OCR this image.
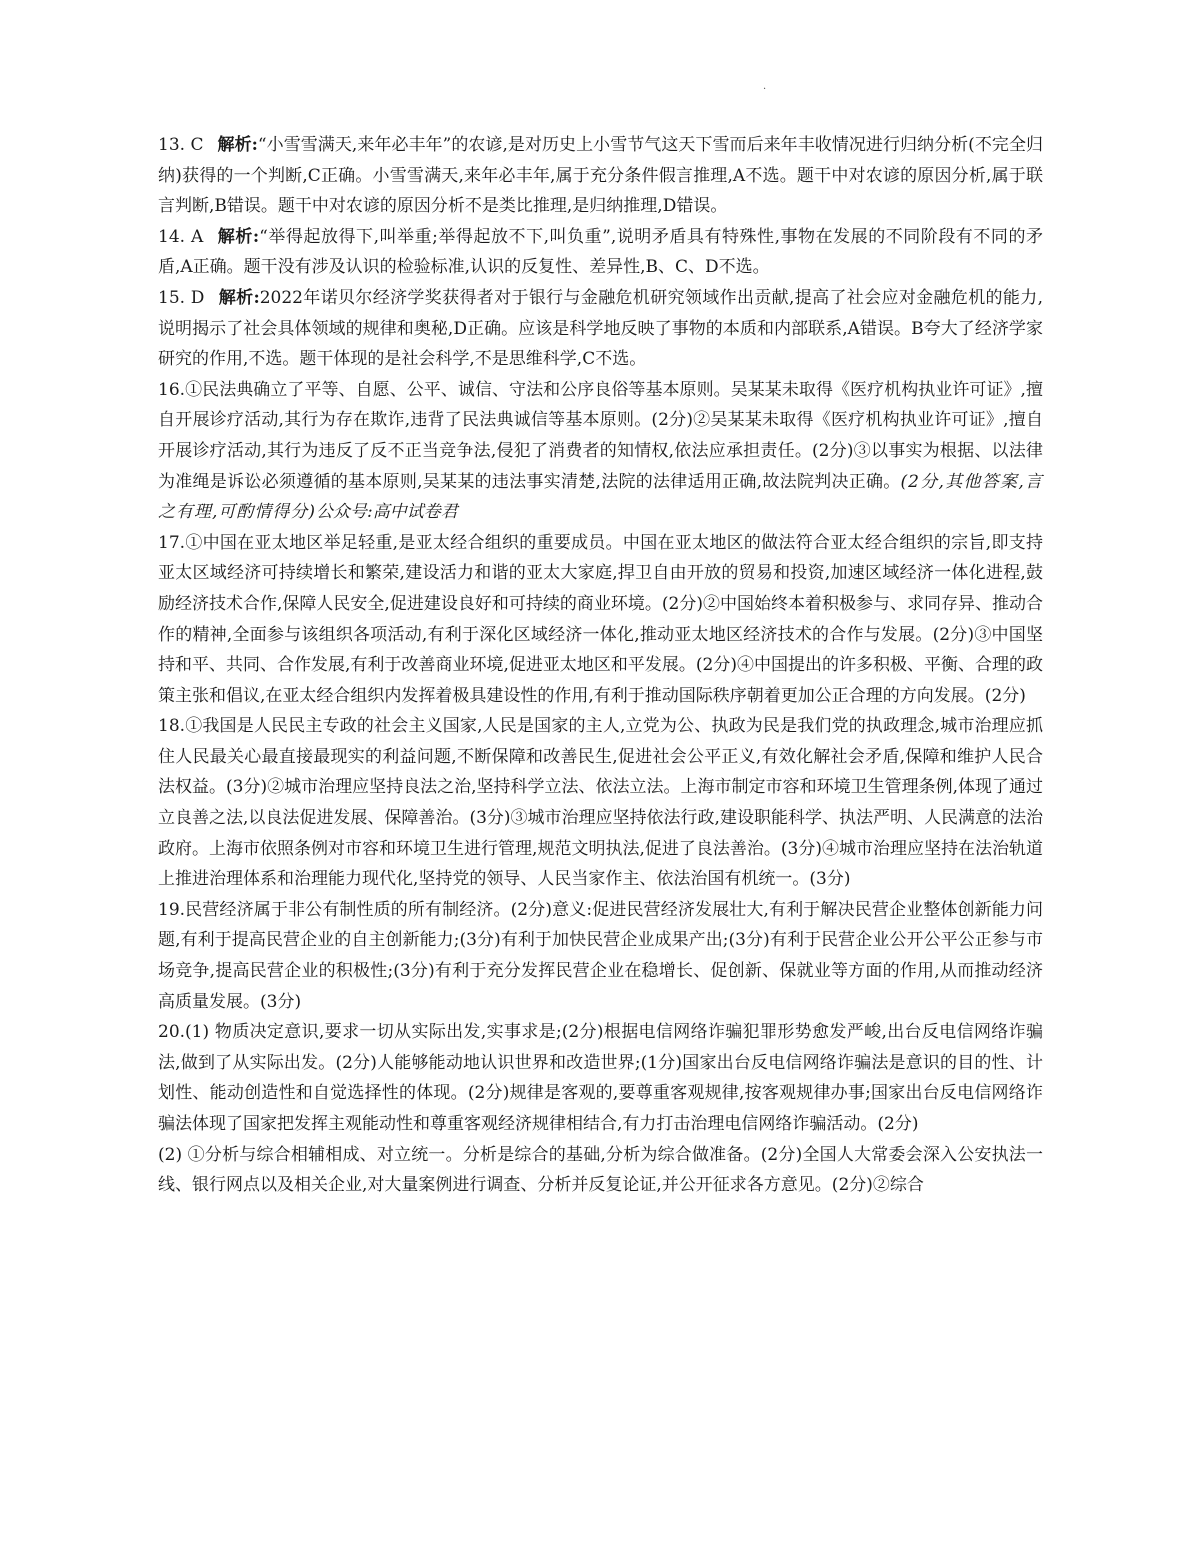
·

13. C 解析:“小雪雪满天,来年必丰年”的农谚,是对历史上小雪节气这天下雪而后来年丰收情况进行归纳分析(不完全归纳)获得的一个判断,C正确。小雪雪满天,来年必丰年,属于充分条件假言推理,A不选。题干中对农谚的原因分析,属于联言判断,B错误。题干中对农谚的原因分析不是类比推理,是归纳推理,D错误。

14. A 解析:“举得起放得下,叫举重;举得起放不下,叫负重”,说明矛盾具有特殊性,事物在发展的不同阶段有不同的矛盾,A正确。题干没有涉及认识的检验标准,认识的反复性、差异性,B、C、D不选。

15. D 解析:2022年诺贝尔经济学奖获得者对于银行与金融危机研究领域作出贡献,提高了社会应对金融危机的能力,说明揭示了社会具体领域的规律和奥秘,D正确。应该是科学地反映了事物的本质和内部联系,A错误。B夸大了经济学家研究的作用,不选。题干体现的是社会科学,不是思维科学,C不选。

16.①民法典确立了平等、自愿、公平、诚信、守法和公序良俗等基本原则。吴某某未取得《医疗机构执业许可证》,擅自开展诊疗活动,其行为存在欺诈,违背了民法典诚信等基本原则。(2分)②吴某某未取得《医疗机构执业许可证》,擅自开展诊疗活动,其行为违反了反不正当竞争法,侵犯了消费者的知情权,依法应承担责任。(2分)③以事实为根据、以法律为准绳是诉讼必须遵循的基本原则,吴某某的违法事实清楚,法院的法律适用正确,故法院判决正确。(2分,其他答案,言之有理,可酌情得分)公众号:高中试卷君

17.①中国在亚太地区举足轻重,是亚太经合组织的重要成员。中国在亚太地区的做法符合亚太经合组织的宗旨,即支持亚太区域经济可持续增长和繁荣,建设活力和谐的亚太大家庭,捍卫自由开放的贸易和投资,加速区域经济一体化进程,鼓励经济技术合作,保障人民安全,促进建设良好和可持续的商业环境。(2分)②中国始终本着积极参与、求同存异、推动合作的精神,全面参与该组织各项活动,有利于深化区域经济一体化,推动亚太地区经济技术的合作与发展。(2分)③中国坚持和平、共同、合作发展,有利于改善商业环境,促进亚太地区和平发展。(2分)④中国提出的许多积极、平衡、合理的政策主张和倡议,在亚太经合组织内发挥着极具建设性的作用,有利于推动国际秩序朝着更加公正合理的方向发展。(2分)

18.①我国是人民民主专政的社会主义国家,人民是国家的主人,立党为公、执政为民是我们党的执政理念,城市治理应抓住人民最关心最直接最现实的利益问题,不断保障和改善民生,促进社会公平正义,有效化解社会矛盾,保障和维护人民合法权益。(3分)②城市治理应坚持良法之治,坚持科学立法、依法立法。上海市制定市容和环境卫生管理条例,体现了通过立良善之法,以良法促进发展、保障善治。(3分)③城市治理应坚持依法行政,建设职能科学、执法严明、人民满意的法治政府。上海市依照条例对市容和环境卫生进行管理,规范文明执法,促进了良法善治。(3分)④城市治理应坚持在法治轨道上推进治理体系和治理能力现代化,坚持党的领导、人民当家作主、依法治国有机统一。(3分)

19.民营经济属于非公有制性质的所有制经济。(2分)意义:促进民营经济发展壮大,有利于解决民营企业整体创新能力问题,有利于提高民营企业的自主创新能力;(3分)有利于加快民营企业成果产出;(3分)有利于民营企业公开公平公正参与市场竞争,提高民营企业的积极性;(3分)有利于充分发挥民营企业在稳增长、促创新、保就业等方面的作用,从而推动经济高质量发展。(3分)

20.(1) 物质决定意识,要求一切从实际出发,实事求是;(2分)根据电信网络诈骗犯罪形势愈发严峻,出台反电信网络诈骗法,做到了从实际出发。(2分)人能够能动地认识世界和改造世界;(1分)国家出台反电信网络诈骗法是意识的目的性、计划性、能动创造性和自觉选择性的体现。(2分)规律是客观的,要尊重客观规律,按客观规律办事;国家出台反电信网络诈骗法体现了国家把发挥主观能动性和尊重客观经济规律相结合,有力打击治理电信网络诈骗活动。(2分)

(2) ①分析与综合相辅相成、对立统一。分析是综合的基础,分析为综合做准备。(2分)全国人大常委会深入公安执法一线、银行网点以及相关企业,对大量案例进行调查、分析并反复论证,并公开征求各方意见。(2分)②综合
